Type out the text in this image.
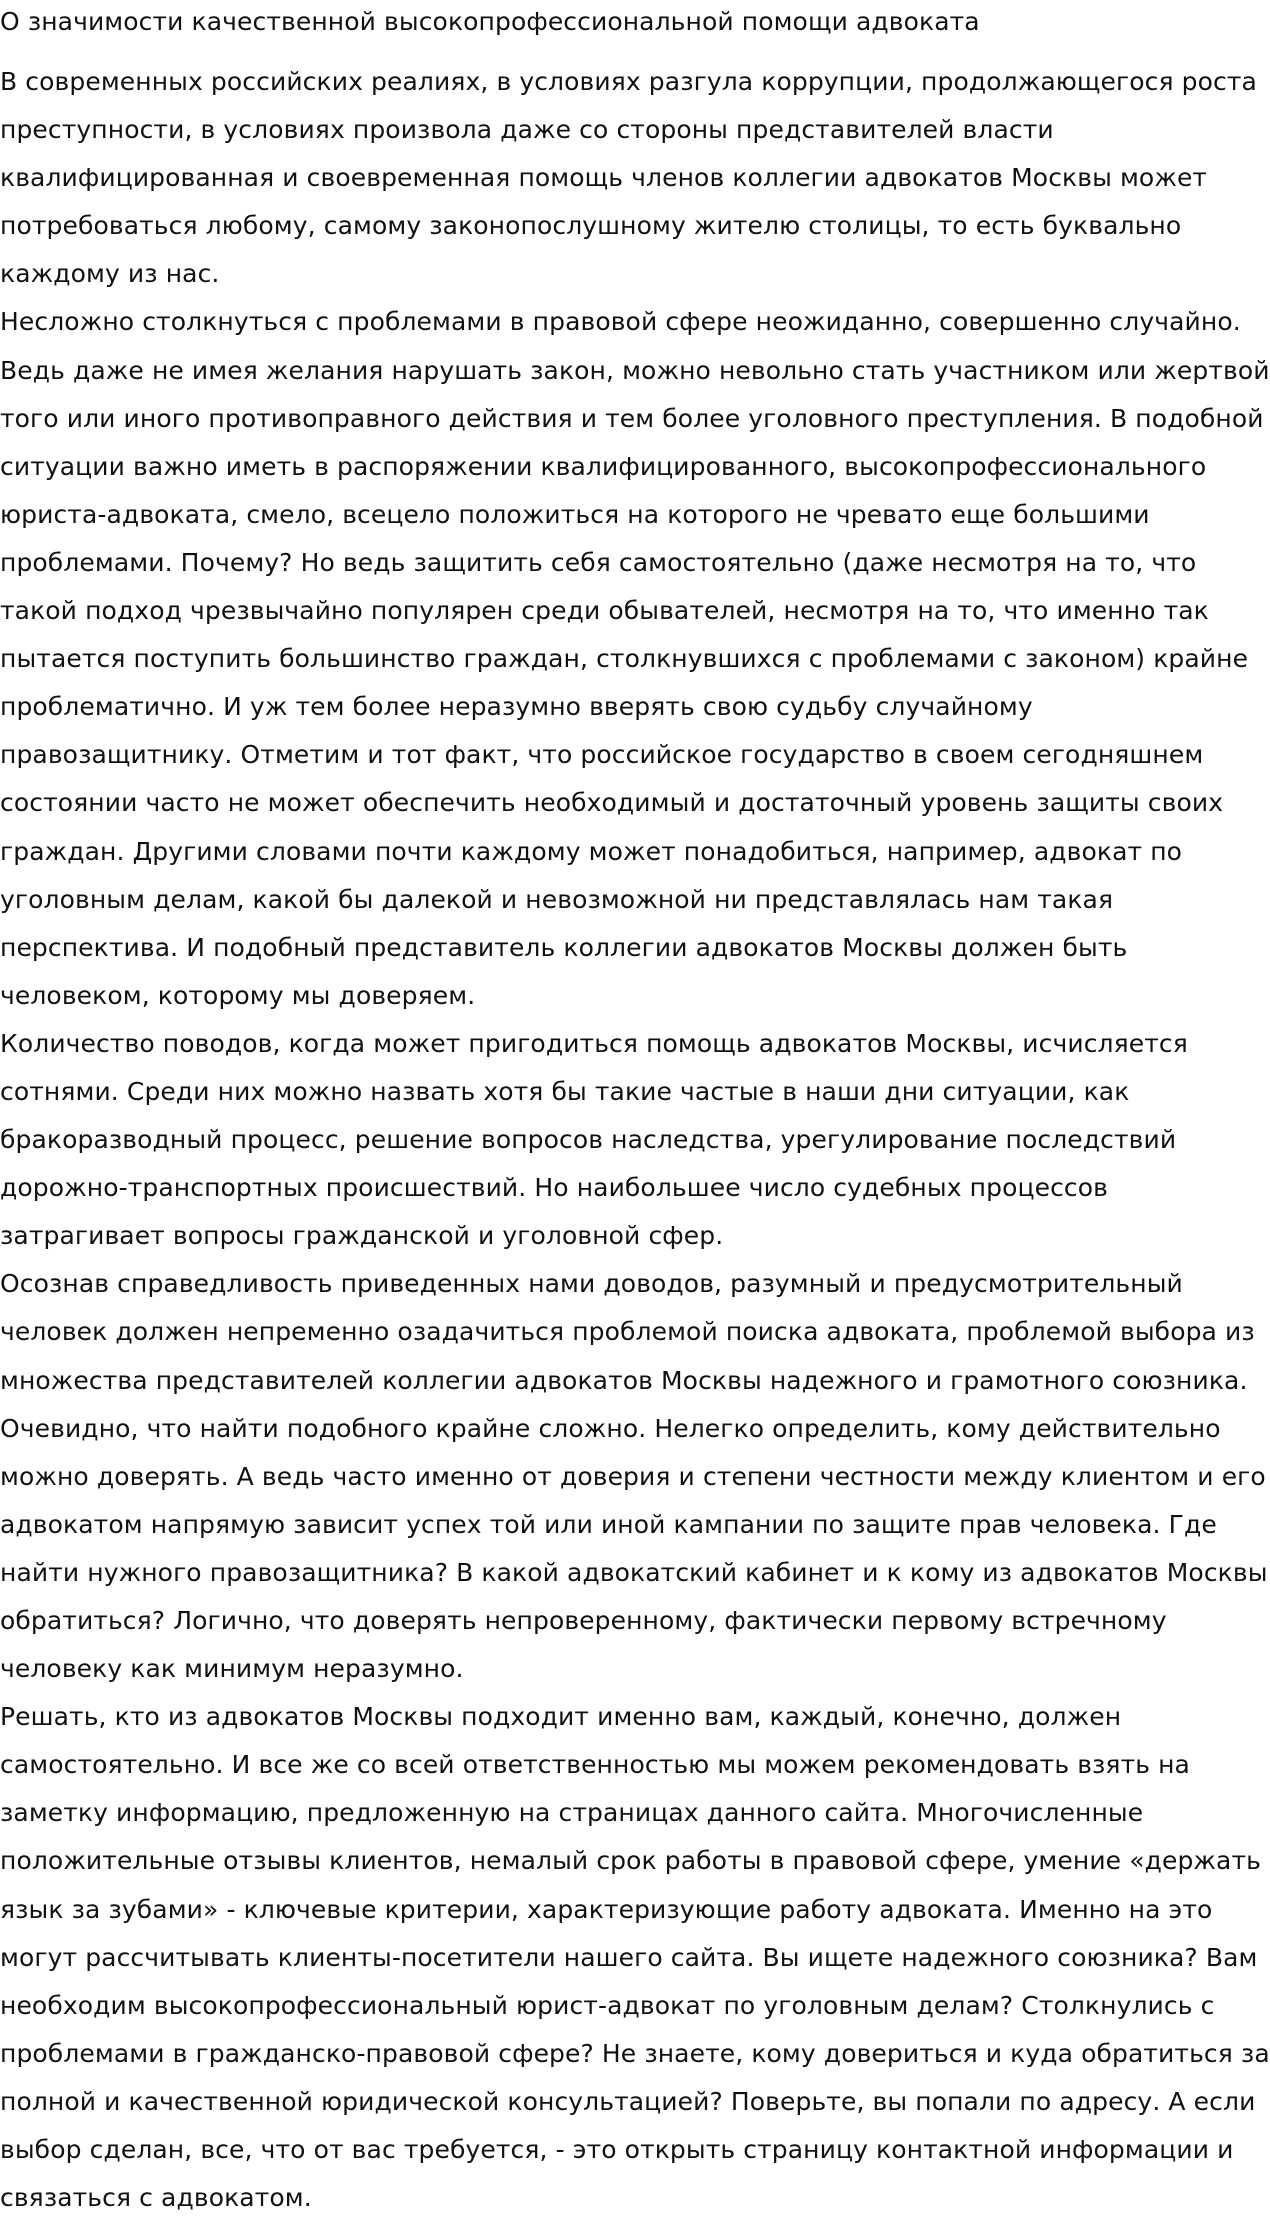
О значимости качественной высокопрофессиональной помощи адвоката

В современных российских реалиях, в условиях разгула коррупции, продолжающегося роста преступности, в условиях произвола даже со стороны представителей власти квалифицированная и своевременная помощь членов коллегии адвокатов Москвы может потребоваться любому, самому законопослушному жителю столицы, то есть буквально каждому из нас.

Несложно столкнуться с проблемами в правовой сфере неожиданно, совершенно случайно. Ведь даже не имея желания нарушать закон, можно невольно стать участником или жертвой того или иного противоправного действия и тем более уголовного преступления. В подобной ситуации важно иметь в распоряжении квалифицированного, высокопрофессионального юриста-адвоката, смело, всецело положиться на которого не чревато еще большими проблемами. Почему? Но ведь защитить себя самостоятельно (даже несмотря на то, что такой подход чрезвычайно популярен среди обывателей, несмотря на то, что именно так пытается поступить большинство граждан, столкнувшихся с проблемами с законом) крайне проблематично. И уж тем более неразумно вверять свою судьбу случайному правозащитнику. Отметим и тот факт, что российское государство в своем сегодняшнем состоянии часто не может обеспечить необходимый и достаточный уровень защиты своих граждан. Другими словами почти каждому может понадобиться, например, адвокат по уголовным делам, какой бы далекой и невозможной ни представлялась нам такая перспектива. И подобный представитель коллегии адвокатов Москвы должен быть человеком, которому мы доверяем.

Количество поводов, когда может пригодиться помощь адвокатов Москвы, исчисляется сотнями. Среди них можно назвать хотя бы такие частые в наши дни ситуации, как бракоразводный процесс, решение вопросов наследства, урегулирование последствий дорожно-транспортных происшествий. Но наибольшее число судебных процессов затрагивает вопросы гражданской и уголовной сфер.

Осознав справедливость приведенных нами доводов, разумный и предусмотрительный человек должен непременно озадачиться проблемой поиска адвоката, проблемой выбора из множества представителей коллегии адвокатов Москвы надежного и грамотного союзника. Очевидно, что найти подобного крайне сложно. Нелегко определить, кому действительно можно доверять. А ведь часто именно от доверия и степени честности между клиентом и его адвокатом напрямую зависит успех той или иной кампании по защите прав человека. Где найти нужного правозащитника? В какой адвокатский кабинет и к кому из адвокатов Москвы обратиться? Логично, что доверять непроверенному, фактически первому встречному человеку как минимум неразумно.

Решать, кто из адвокатов Москвы подходит именно вам, каждый, конечно, должен самостоятельно. И все же со всей ответственностью мы можем рекомендовать взять на заметку информацию, предложенную на страницах данного сайта. Многочисленные положительные отзывы клиентов, немалый срок работы в правовой сфере, умение «держать язык за зубами» - ключевые критерии, характеризующие работу адвоката. Именно на это могут рассчитывать клиенты-посетители нашего сайта. Вы ищете надежного союзника? Вам необходим высокопрофессиональный юрист-адвокат по уголовным делам? Столкнулись с проблемами в гражданско-правовой сфере? Не знаете, кому довериться и куда обратиться за полной и качественной юридической консультацией? Поверьте, вы попали по адресу. А если выбор сделан, все, что от вас требуется, - это открыть страницу контактной информации и связаться с адвокатом.
